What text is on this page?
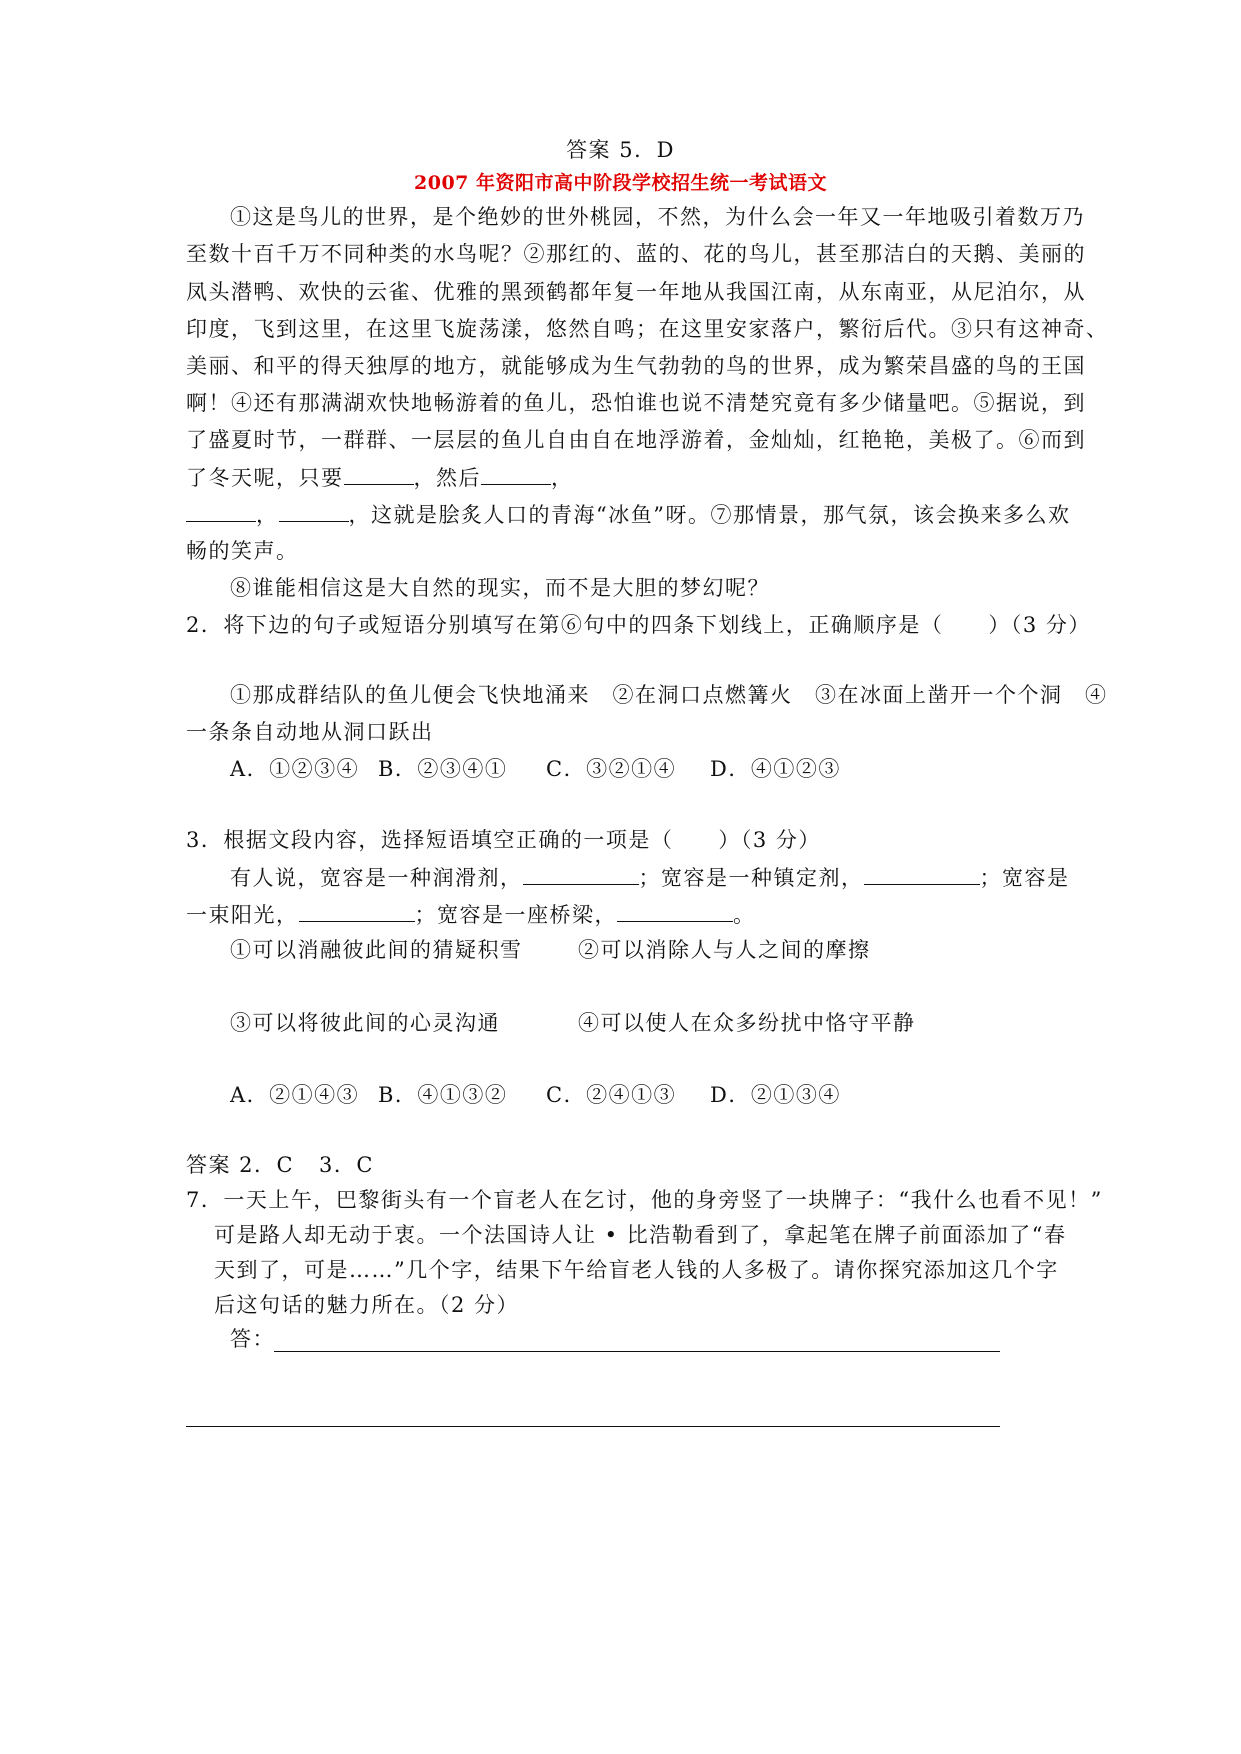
答案 5．D
2007 年资阳市高中阶段学校招生统一考试语文
①这是鸟儿的世界，是个绝妙的世外桃园，不然，为什么会一年又一年地吸引着数万乃
至数十百千万不同种类的水鸟呢？②那红的、蓝的、花的鸟儿，甚至那洁白的天鹅、美丽的
凤头潜鸭、欢快的云雀、优雅的黑颈鹤都年复一年地从我国江南，从东南亚，从尼泊尔，从
印度，飞到这里，在这里飞旋荡漾，悠然自鸣；在这里安家落户，繁衍后代。③只有这神奇、
美丽、和平的得天独厚的地方，就能够成为生气勃勃的鸟的世界，成为繁荣昌盛的鸟的王国
啊！④还有那满湖欢快地畅游着的鱼儿，恐怕谁也说不清楚究竟有多少储量吧。⑤据说，到
了盛夏时节，一群群、一层层的鱼儿自由自在地浮游着，金灿灿，红艳艳，美极了。⑥而到
了冬天呢，只要	，然后	，
，	，这就是脍炙人口的青海“冰鱼”呀。⑦那情景，那气氛，该会换来多么欢
畅的笑声。
⑧谁能相信这是大自然的现实，而不是大胆的梦幻呢？
2．将下边的句子或短语分别填写在第⑥句中的四条下划线上，正确顺序是（　　）（3 分）
①那成群结队的鱼儿便会飞快地涌来　②在洞口点燃篝火　③在冰面上凿开一个个洞　④
一条条自动地从洞口跃出
A．①②③④ B．②③④① C．③②①④ D．④①②③
3．根据文段内容，选择短语填空正确的一项是（　　）（3 分）
有人说，宽容是一种润滑剂，	；宽容是一种镇定剂，	；宽容是
一束阳光，	；宽容是一座桥梁，	。
①可以消融彼此间的猜疑积雪	②可以消除人与人之间的摩擦
③可以将彼此间的心灵沟通	④可以使人在众多纷扰中恪守平静
A．②①④③ B．④①③② C．②④①③ D．②①③④
答案 2．C 3．C
7．一天上午，巴黎街头有一个盲老人在乞讨，他的身旁竖了一块牌子：“我什么也看不见！”
可是路人却无动于衷。一个法国诗人让 • 比浩勒看到了，拿起笔在牌子前面添加了“春
天到了，可是……”几个字，结果下午给盲老人钱的人多极了。请你探究添加这几个字
后这句话的魅力所在。（2 分）
答：
